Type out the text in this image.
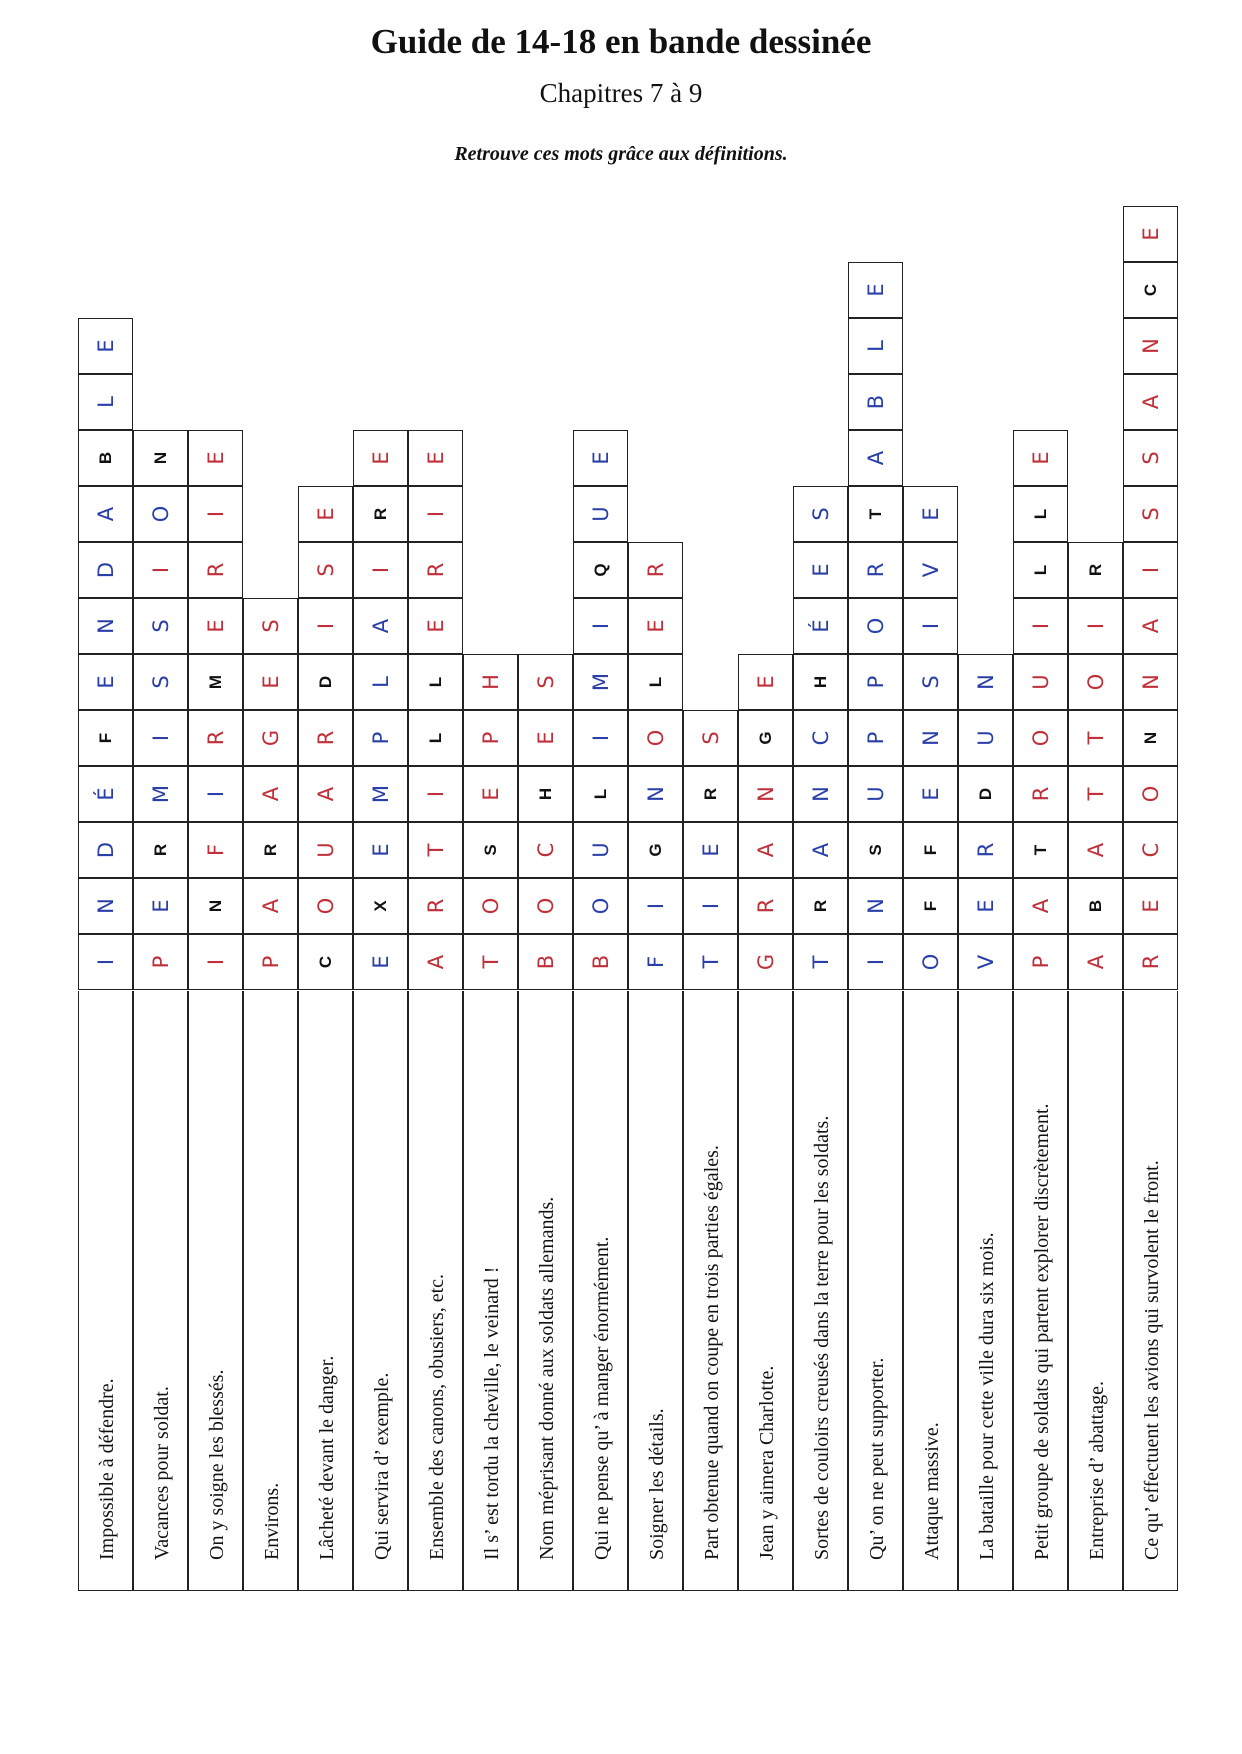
Guide de 14-18 en bande dessinée
Chapitres 7 à 9
Retrouve ces mots grâce aux définitions.
Impossible à défendre.
I
N
D
É
F
E
N
D
A
B
L
E
Vacances pour soldat.
P
E
R
M
I
S
S
I
O
N
On y soigne les blessés.
I
N
F
I
R
M
E
R
I
E
Environs.
P
A
R
A
G
E
S
Lâcheté devant le danger.
C
O
U
A
R
D
I
S
E
Qui servira d’ exemple.
E
X
E
M
P
L
A
I
R
E
Ensemble des canons, obusiers, etc.
A
R
T
I
L
L
E
R
I
E
Il s’ est tordu la cheville, le veinard !
T
O
S
E
P
H
Nom méprisant donné aux soldats allemands.
B
O
C
H
E
S
Qui ne pense qu’ à manger énormément.
B
O
U
L
I
M
I
Q
U
E
Soigner les détails.
F
I
G
N
O
L
E
R
Part obtenue quand on coupe en trois parties égales.
T
I
E
R
S
Jean y aimera Charlotte.
G
R
A
N
G
E
Sortes de couloirs creusés dans la terre pour les soldats.
T
R
A
N
C
H
É
E
S
Qu’ on ne peut supporter.
I
N
S
U
P
P
O
R
T
A
B
L
E
Attaque massive.
O
F
F
E
N
S
I
V
E
La bataille pour cette ville dura six mois.
V
E
R
D
U
N
Petit groupe de soldats qui partent explorer discrètement.
P
A
T
R
O
U
I
L
L
E
Entreprise d’ abattage.
A
B
A
T
T
O
I
R
Ce qu’ effectuent les avions qui survolent le front.
R
E
C
O
N
N
A
I
S
S
A
N
C
E
